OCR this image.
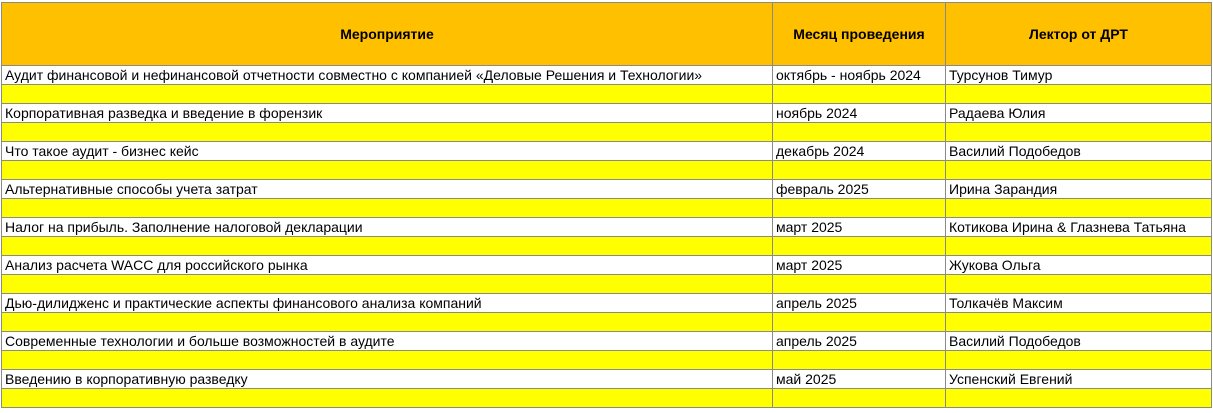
Мероприятие	Месяц проведения	Лектор от ДРТ
Аудит финансовой и нефинансовой отчетности совместно с компанией «Деловые Решения и Технологии»	октябрь - ноябрь 2024	Турсунов Тимур

Корпоративная разведка и введение в форензик	ноябрь 2024	Радаева Юлия

Что такое аудит - бизнес кейс	декабрь 2024	Василий Подобедов

Альтернативные способы учета затрат	февраль 2025	Ирина Зарандия

Налог на прибыль. Заполнение налоговой декларации	март 2025	Котикова Ирина & Глазнева Татьяна

Анализ расчета WACC для российского рынка	март 2025	Жукова Ольга

Дью-дилидженс и практические аспекты финансового анализа компаний	апрель 2025	Толкачёв Максим

Современные технологии и больше возможностей в аудите	апрель 2025	Василий Подобедов

Введению в корпоративную разведку	май 2025	Успенский Евгений
